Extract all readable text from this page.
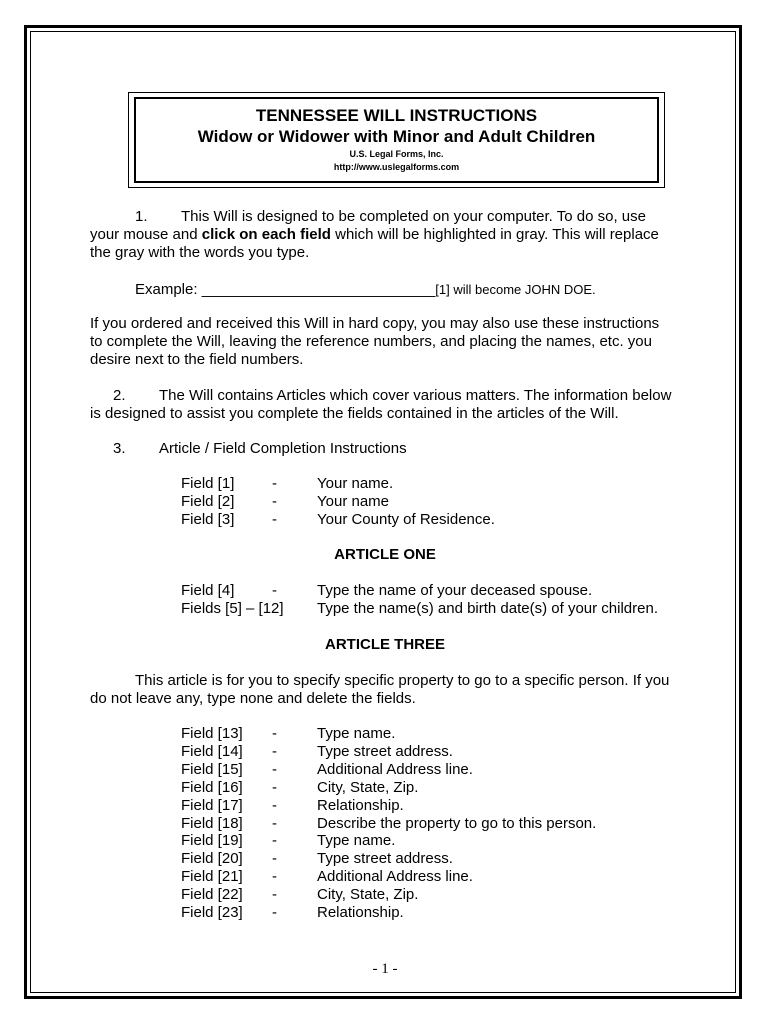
TENNESSEE WILL INSTRUCTIONS
Widow or Widower with Minor and Adult Children
U.S. Legal Forms, Inc.
http://www.uslegalforms.com
1. This Will is designed to be completed on your computer. To do so, use
your mouse and click on each field which will be highlighted in gray. This will replace
the gray with the words you type.
Example: ____________________________[1] will become JOHN DOE.
If you ordered and received this Will in hard copy, you may also use these instructions
to complete the Will, leaving the reference numbers, and placing the names, etc. you
desire next to the field numbers.
2. The Will contains Articles which cover various matters. The information below
is designed to assist you complete the fields contained in the articles of the Will.
3. Article / Field Completion Instructions
Field [1]	-	Your name.
Field [2]	-	Your name
Field [3]	-	Your County of Residence.
ARTICLE ONE
Field [4]	-	Type the name of your deceased spouse.
Fields [5] – [12] Type the name(s) and birth date(s) of your children.
ARTICLE THREE
This article is for you to specify specific property to go to a specific person. If you
do not leave any, type none and delete the fields.
Field [13] -	Type name.
Field [14] -	Type street address.
Field [15] -	Additional Address line.
Field [16] -	City, State, Zip.
Field [17] -	Relationship.
Field [18] -	Describe the property to go to this person.
Field [19] -	Type name.
Field [20] -	Type street address.
Field [21] -	Additional Address line.
Field [22] -	City, State, Zip.
Field [23] -	Relationship.
- 1 -
